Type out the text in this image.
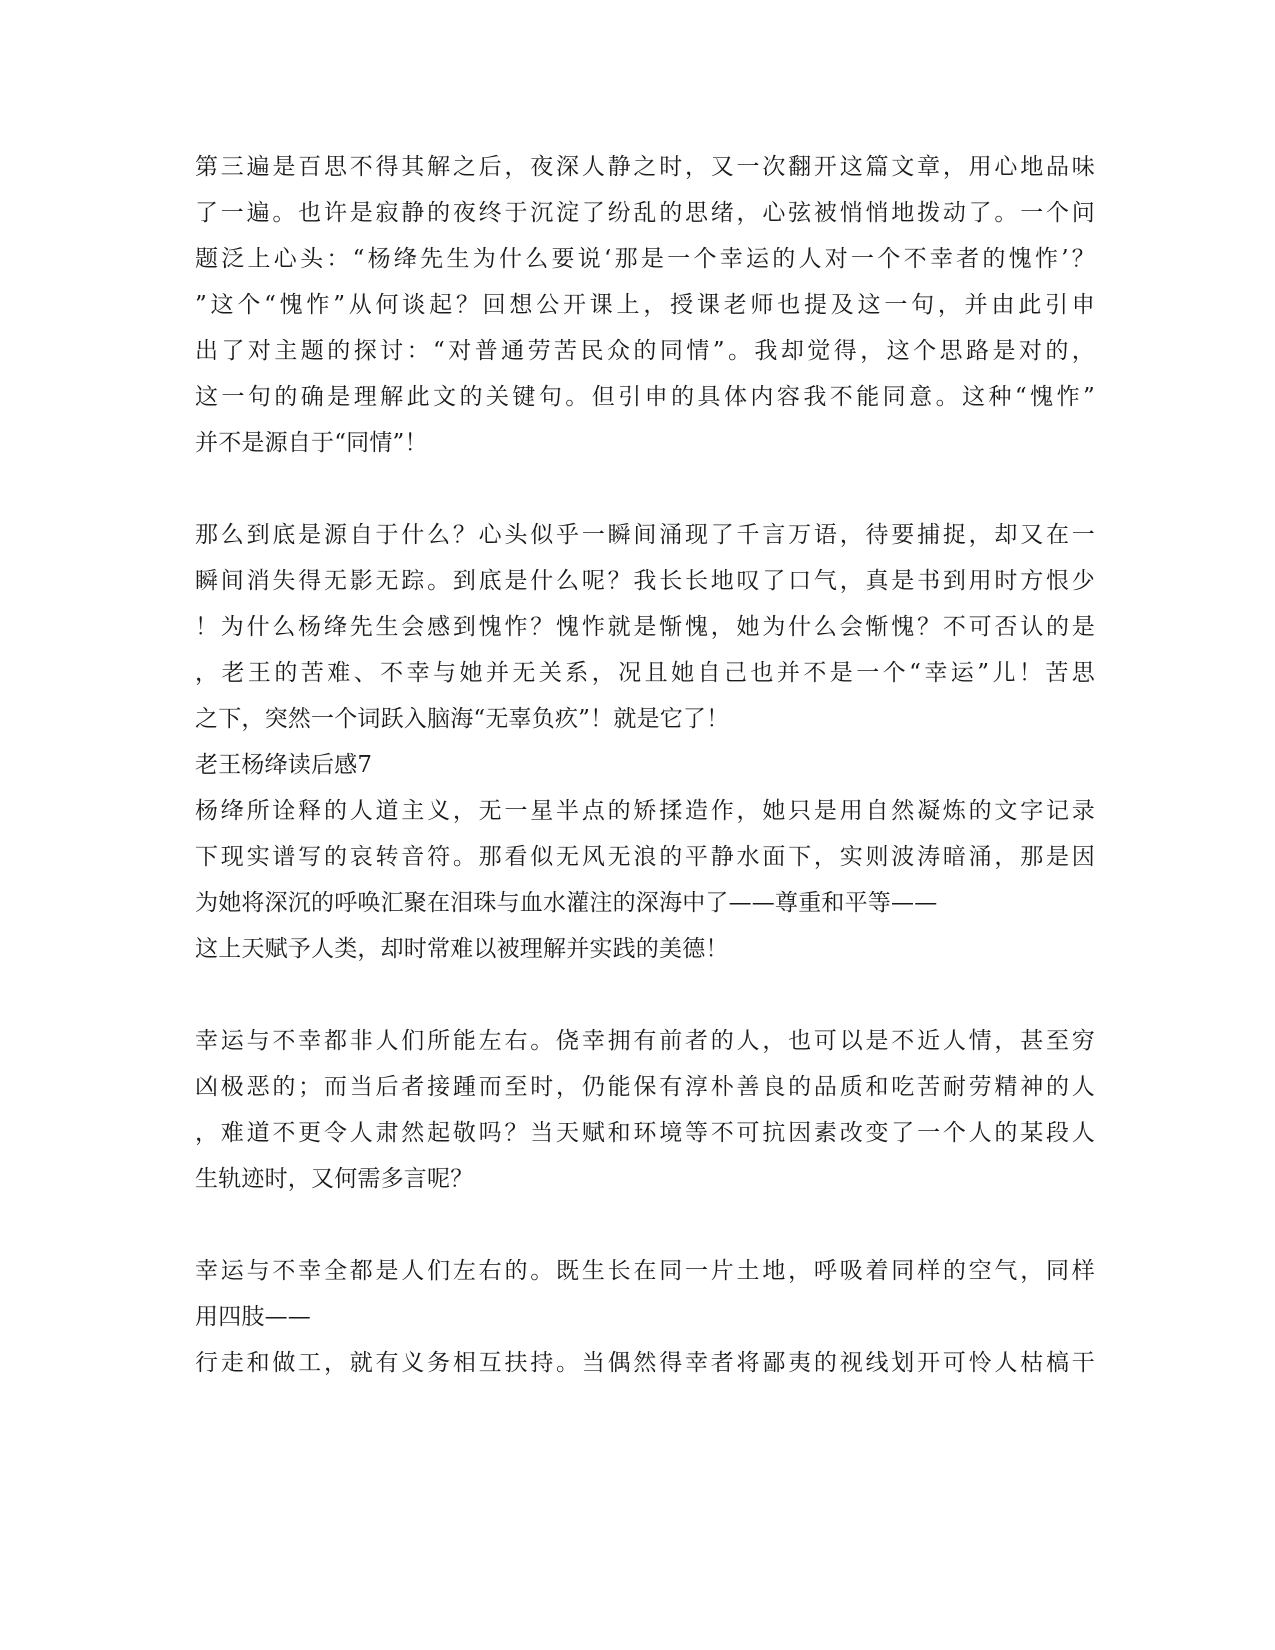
第三遍是百思不得其解之后，夜深人静之时，又一次翻开这篇文章，用心地品味
了一遍。也许是寂静的夜终于沉淀了纷乱的思绪，心弦被悄悄地拨动了。一个问
题泛上心头：“杨绛先生为什么要说‘那是一个幸运的人对一个不幸者的愧怍’？
”这个“愧怍”从何谈起？回想公开课上，授课老师也提及这一句，并由此引申
出了对主题的探讨：“对普通劳苦民众的同情”。我却觉得，这个思路是对的，
这一句的确是理解此文的关键句。但引申的具体内容我不能同意。这种“愧怍”
并不是源自于“同情”！
那么到底是源自于什么？心头似乎一瞬间涌现了千言万语，待要捕捉，却又在一
瞬间消失得无影无踪。到底是什么呢？我长长地叹了口气，真是书到用时方恨少
！为什么杨绛先生会感到愧怍？愧怍就是惭愧，她为什么会惭愧？不可否认的是
，老王的苦难、不幸与她并无关系，况且她自己也并不是一个“幸运”儿！苦思
之下，突然一个词跃入脑海“无辜负疚”！就是它了！
老王杨绛读后感7
杨绛所诠释的人道主义，无一星半点的矫揉造作，她只是用自然凝炼的文字记录
下现实谱写的哀转音符。那看似无风无浪的平静水面下，实则波涛暗涌，那是因
为她将深沉的呼唤汇聚在泪珠与血水灌注的深海中了——尊重和平等——
这上天赋予人类，却时常难以被理解并实践的美德！
幸运与不幸都非人们所能左右。侥幸拥有前者的人，也可以是不近人情，甚至穷
凶极恶的；而当后者接踵而至时，仍能保有淳朴善良的品质和吃苦耐劳精神的人
，难道不更令人肃然起敬吗？当天赋和环境等不可抗因素改变了一个人的某段人
生轨迹时，又何需多言呢？
幸运与不幸全都是人们左右的。既生长在同一片土地，呼吸着同样的空气，同样
用四肢——
行走和做工，就有义务相互扶持。当偶然得幸者将鄙夷的视线划开可怜人枯槁干
